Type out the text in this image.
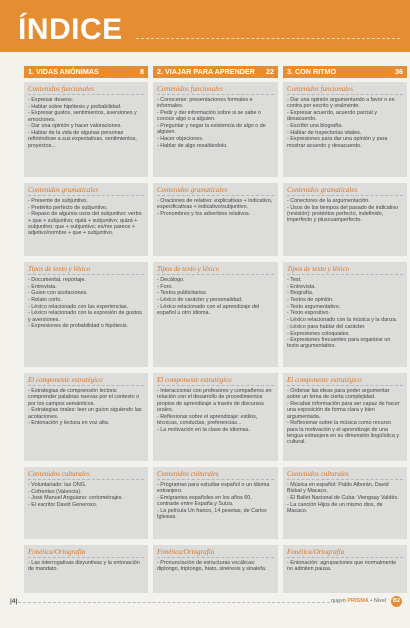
ÍNDICE
1. VIDAS ANÓNIMAS	8	2. VIAJAR PARA APRENDER 22	3. CON RITMO	36
Contenidos funcionales
- Expresar deseos.
- Hablar sobre hipótesis y probabilidad.
- Expresar gustos, sentimientos, aversiones y emociones.
- Dar una opinión y hacer valoraciones.
- Hablar de la vida de algunas personas refiriéndose a sus expectativas, sentimientos, proyectos...
Contenidos funcionales
- Conocerse: presentaciones formales e informales.
- Pedir y dar información sobre si se sabe o conoce algo o a alguien.
- Preguntar y negar la existencia de algo o de alguien.
- Hacer objeciones.
- Hablar de algo resaltándolo.
Contenidos funcionales
- Dar una opinión argumentando a favor o en contra por escrito y oralmente.
- Expresar acuerdo, acuerdo parcial y desacuerdo.
- Escribir una biografía.
- Hablar de trayectorias vitales.
- Expresiones para dar una opinión y para mostrar acuerdo y desacuerdo.
Contenidos gramaticales
- Presente de subjuntivo.
- Pretérito perfecto de subjuntivo.
- Repaso de algunos usos del subjuntivo: verbo + que + subjuntivo; ojalá + subjuntivo; quizá + subjuntivo; que + subjuntivo; es/me parece + adjetivo/nombre + que + subjuntivo.
Contenidos gramaticales
- Oraciones de relativo: explicativas + indicativo, especificativas + indicativo/subjuntivo.
- Pronombres y los adverbios relativos.
Contenidos gramaticales
- Conectores de la argumentación.
- Usos de los tiempos del pasado de indicativo (revisión): pretéritos perfecto, indefinido, imperfecto y pluscuamperfecto.
Tipos de texto y léxico
- Documental, reportaje.
- Entrevista.
- Guion con acotaciones.
- Relato corto.
- Léxico relacionado con las experiencias.
- Léxico relacionado con la expresión de gustos y aversiones.
- Expresiones de probabilidad o hipótesis.
Tipos de texto y léxico
- Decálogo.
- Foro.
- Textos publicitarios.
- Léxico de carácter y personalidad.
- Léxico relacionado con el aprendizaje del español u otro idioma.
Tipos de texto y léxico
- Test.
- Entrevista.
- Biografía.
- Textos de opinión.
- Texto argumentativo.
- Texto expositivo.
- Léxico relacionado con la música y la danza.
- Léxico para hablar del carácter.
- Expresiones coloquiales.
- Expresiones frecuentes para organizar un texto argumentativo.
El componente estratégico
- Estrategias de comprensión lectora: comprender palabras nuevas por el contexto o por los campos semánticos.
- Estrategias orales: leer un guion siguiendo las acotaciones.
- Entonación y lectura en voz alta.
El componente estratégico
- Interaccionar con profesores y compañeros en relación con el desarrollo de procedimientos propios de aprendizaje a través de discursos orales.
- Reflexionar sobre el aprendizaje: estilos, técnicas, conductas, preferencias...
- La motivación en la clase de idiomas.
El componente estratégico
- Ordenar las ideas para poder argumentar sobre un tema de cierta complejidad.
- Recabar información para ser capaz de hacer una exposición de forma clara y bien argumentada.
- Reflexionar sobre la música como recurso para la motivación y el aprendizaje de una lengua extranjera en su dimensión lingüística y cultural.
Contenidos culturales
- Voluntariado: las ONG.
- Cofrentes (Valencia).
- José Manuel Anguiano: cortometrajes.
- El escritor David Generoso.
Contenidos culturales
- Programas para estudiar español o un idioma extranjero.
- Emigrantes españoles en los años 60, contraste entre España y Suiza.
- La película Un franco, 14 pesetas, de Carlos Iglesias.
Contenidos culturales
- Música en español: Pablo Alborán, David Bisbal y Macaco.
- El Ballet Nacional de Cuba: Viengsay Valdés.
- La canción Hijos de un mismo dios, de Macaco.
Fonética/Ortografía
- Las interrogativas disyuntivas y la entonación de mandato.
Fonética/Ortografía
- Pronunciación de estructuras vocálicas: diptongo, triptongo, hiato, sinéresis y sinalefa.
Fonética/Ortografía
- Entonación: agrupaciones que normalmente no admiten pausa.
|4|	nuevo PRISMA • Nivel	B2
